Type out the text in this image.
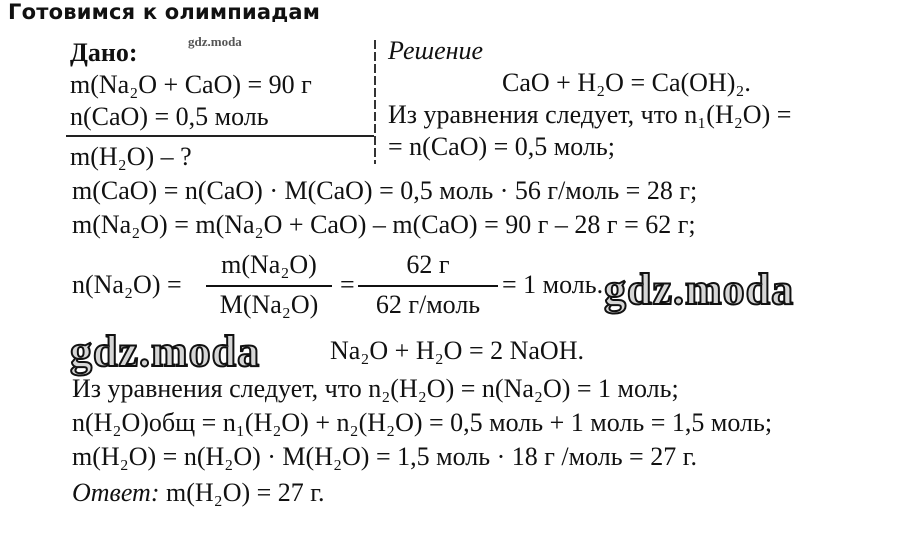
Готовимся к олимпиадам
gdz.moda
Дано:
m(Na₂O + CaO) = 90 г
n(CaO) = 0,5 моль
m(H₂O) – ?
Решение
CaO + H₂O = Ca(OH)₂.
Из уравнения следует, что n₁(H₂O) =
= n(CaO) = 0,5 моль;
m(CaO) = n(CaO) · M(CaO) = 0,5 моль · 56 г/моль = 28 г;
m(Na₂O) = m(Na₂O + CaO) – m(CaO) = 90 г – 28 г = 62 г;
n(Na₂O) =
m(Na₂O)
M(Na₂O)
=
62 г
62 г/моль
= 1 моль. gdz.moda
gdz.moda	Na₂O + H₂O = 2 NaOH.
Из уравнения следует, что n₂(H₂O) = n(Na₂O) = 1 моль;
n(H₂O)общ = n₁(H₂O) + n₂(H₂O) = 0,5 моль + 1 моль = 1,5 моль;
m(H₂O) = n(H₂O) · M(H₂O) = 1,5 моль · 18 г /моль = 27 г.
Ответ: m(H₂O) = 27 г.
